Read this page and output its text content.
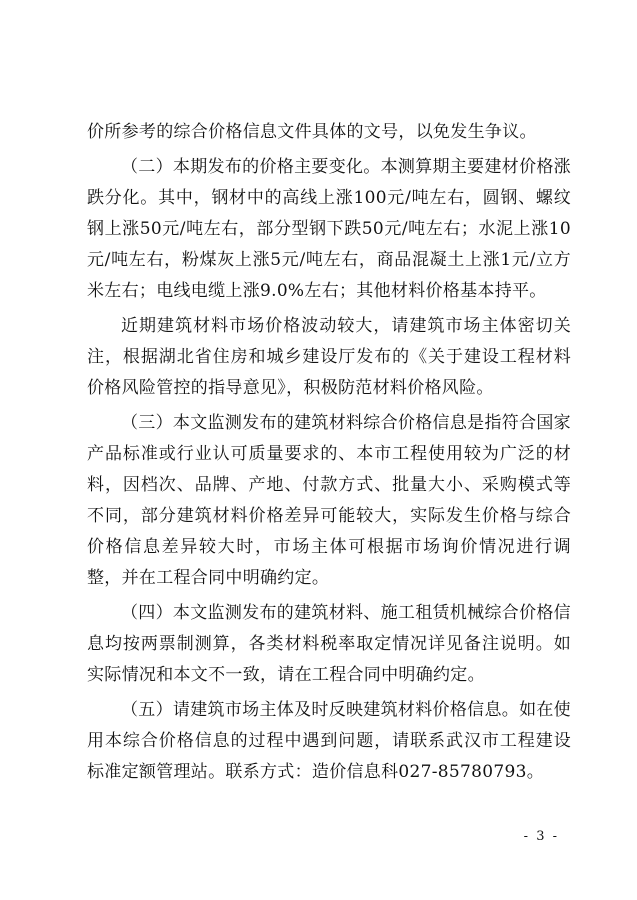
价所参考的综合价格信息文件具体的文号，以免发生争议。

（二）本期发布的价格主要变化。本测算期主要建材价格涨跌分化。其中，钢材中的高线上涨100元/吨左右，圆钢、螺纹钢上涨50元/吨左右，部分型钢下跌50元/吨左右；水泥上涨10元/吨左右，粉煤灰上涨5元/吨左右，商品混凝土上涨1元/立方米左右；电线电缆上涨9.0%左右；其他材料价格基本持平。

近期建筑材料市场价格波动较大，请建筑市场主体密切关注，根据湖北省住房和城乡建设厅发布的《关于建设工程材料价格风险管控的指导意见》，积极防范材料价格风险。

（三）本文监测发布的建筑材料综合价格信息是指符合国家产品标准或行业认可质量要求的、本市工程使用较为广泛的材料，因档次、品牌、产地、付款方式、批量大小、采购模式等不同，部分建筑材料价格差异可能较大，实际发生价格与综合价格信息差异较大时，市场主体可根据市场询价情况进行调整，并在工程合同中明确约定。

（四）本文监测发布的建筑材料、施工租赁机械综合价格信息均按两票制测算，各类材料税率取定情况详见备注说明。如实际情况和本文不一致，请在工程合同中明确约定。

（五）请建筑市场主体及时反映建筑材料价格信息。如在使用本综合价格信息的过程中遇到问题，请联系武汉市工程建设标准定额管理站。联系方式：造价信息科027-85780793。

- 3 -
